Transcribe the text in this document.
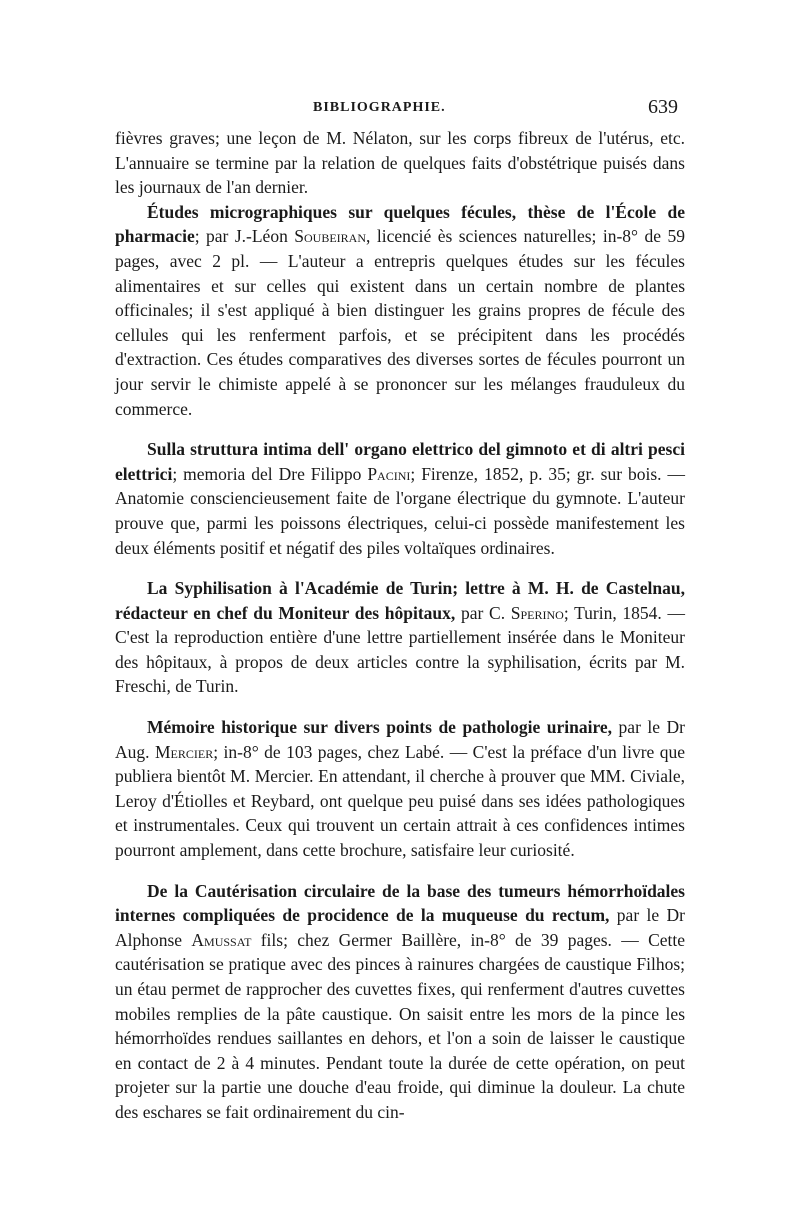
BIBLIOGRAPHIE.	639

fièvres graves; une leçon de M. Nélaton, sur les corps fibreux de l'utérus, etc. L'annuaire se termine par la relation de quelques faits d'obstétrique puisés dans les journaux de l'an dernier.

Études micrographiques sur quelques fécules, thèse de l'École de pharmacie; par J.-Léon Soubeiran, licencié ès sciences naturelles; in-8° de 59 pages, avec 2 pl. — L'auteur a entrepris quelques études sur les fécules alimentaires et sur celles qui existent dans un certain nombre de plantes officinales; il s'est appliqué à bien distinguer les grains propres de fécule des cellules qui les renferment parfois, et se précipitent dans les procédés d'extraction. Ces études comparatives des diverses sortes de fécules pourront un jour servir le chimiste appelé à se prononcer sur les mélanges frauduleux du commerce.

Sulla struttura intima dell' organo elettrico del gimnoto et di altri pesci elettrici; memoria del Dre Filippo Pacini; Firenze, 1852, p. 35; gr. sur bois. — Anatomie consciencieusement faite de l'organe électrique du gymnote. L'auteur prouve que, parmi les poissons électriques, celui-ci possède manifestement les deux éléments positif et négatif des piles voltaïques ordinaires.

La Syphilisation à l'Académie de Turin; lettre à M. H. de Castelnau, rédacteur en chef du Moniteur des hôpitaux, par C. Sperino; Turin, 1854. — C'est la reproduction entière d'une lettre partiellement insérée dans le Moniteur des hôpitaux, à propos de deux articles contre la syphilisation, écrits par M. Freschi, de Turin.

Mémoire historique sur divers points de pathologie urinaire, par le Dr Aug. Mercier; in-8° de 103 pages, chez Labé. — C'est la préface d'un livre que publiera bientôt M. Mercier. En attendant, il cherche à prouver que MM. Civiale, Leroy d'Étiolles et Reybard, ont quelque peu puisé dans ses idées pathologiques et instrumentales. Ceux qui trouvent un certain attrait à ces confidences intimes pourront amplement, dans cette brochure, satisfaire leur curiosité.

De la Cautérisation circulaire de la base des tumeurs hémorrhoïdales internes compliquées de procidence de la muqueuse du rectum, par le Dr Alphonse Amussat fils; chez Germer Baillère, in-8° de 39 pages. — Cette cautérisation se pratique avec des pinces à rainures chargées de caustique Filhos; un étau permet de rapprocher des cuvettes fixes, qui renferment d'autres cuvettes mobiles remplies de la pâte caustique. On saisit entre les mors de la pince les hémorrhoïdes rendues saillantes en dehors, et l'on a soin de laisser le caustique en contact de 2 à 4 minutes. Pendant toute la durée de cette opération, on peut projeter sur la partie une douche d'eau froide, qui diminue la douleur. La chute des eschares se fait ordinairement du cin-
